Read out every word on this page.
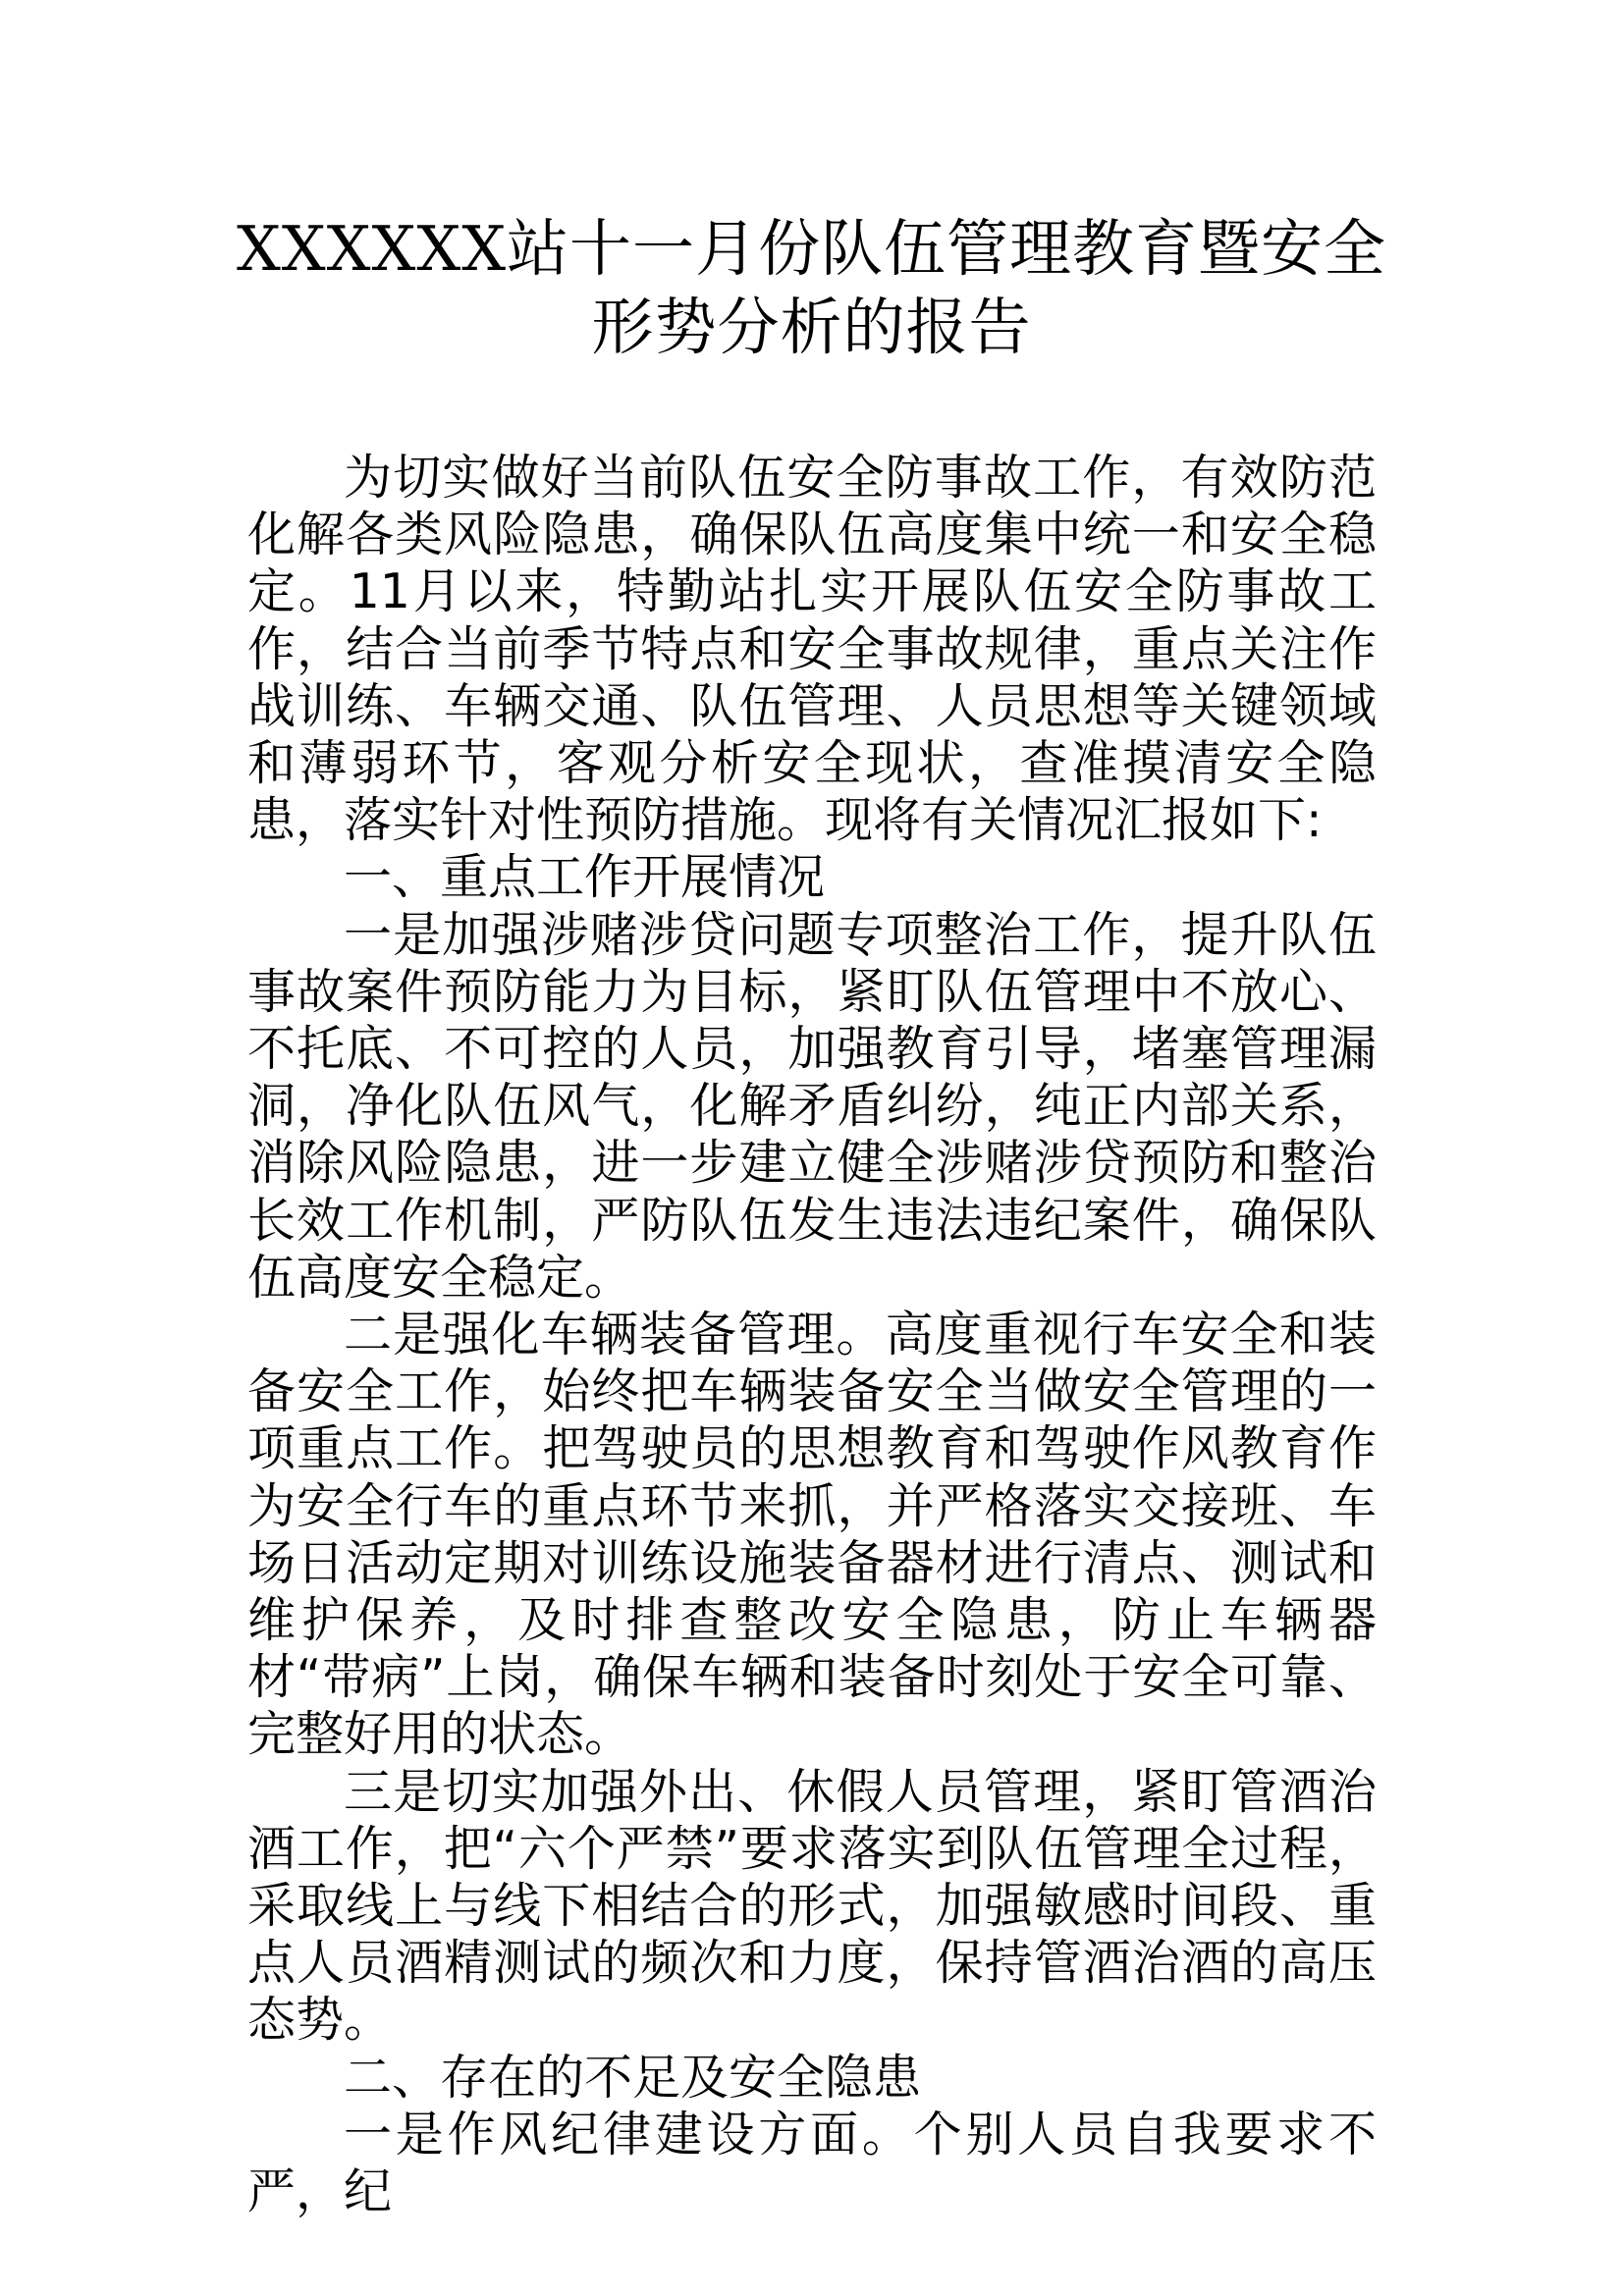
XXXXXX站十一月份队伍管理教育暨安全
形势分析的报告

为切实做好当前队伍安全防事故工作，有效防范化解各类风险隐患，确保队伍高度集中统一和安全稳定。11月以来，特勤站扎实开展队伍安全防事故工作，结合当前季节特点和安全事故规律，重点关注作战训练、车辆交通、队伍管理、人员思想等关键领域和薄弱环节，客观分析安全现状，查准摸清安全隐患，落实针对性预防措施。现将有关情况汇报如下:

一、重点工作开展情况

一是加强涉赌涉贷问题专项整治工作，提升队伍事故案件预防能力为目标，紧盯队伍管理中不放心、不托底、不可控的人员，加强教育引导，堵塞管理漏洞，净化队伍风气，化解矛盾纠纷，纯正内部关系，消除风险隐患，进一步建立健全涉赌涉贷预防和整治长效工作机制，严防队伍发生违法违纪案件，确保队伍高度安全稳定。

二是强化车辆装备管理。高度重视行车安全和装备安全工作，始终把车辆装备安全当做安全管理的一项重点工作。把驾驶员的思想教育和驾驶作风教育作为安全行车的重点环节来抓，并严格落实交接班、车场日活动定期对训练设施装备器材进行清点、测试和维护保养，及时排查整改安全隐患，防止车辆器材“带病”上岗，确保车辆和装备时刻处于安全可靠、完整好用的状态。

三是切实加强外出、休假人员管理，紧盯管酒治酒工作，把“六个严禁”要求落实到队伍管理全过程，采取线上与线下相结合的形式，加强敏感时间段、重点人员酒精测试的频次和力度，保持管酒治酒的高压态势。

二、存在的不足及安全隐患

一是作风纪律建设方面。个别人员自我要求不严，纪
